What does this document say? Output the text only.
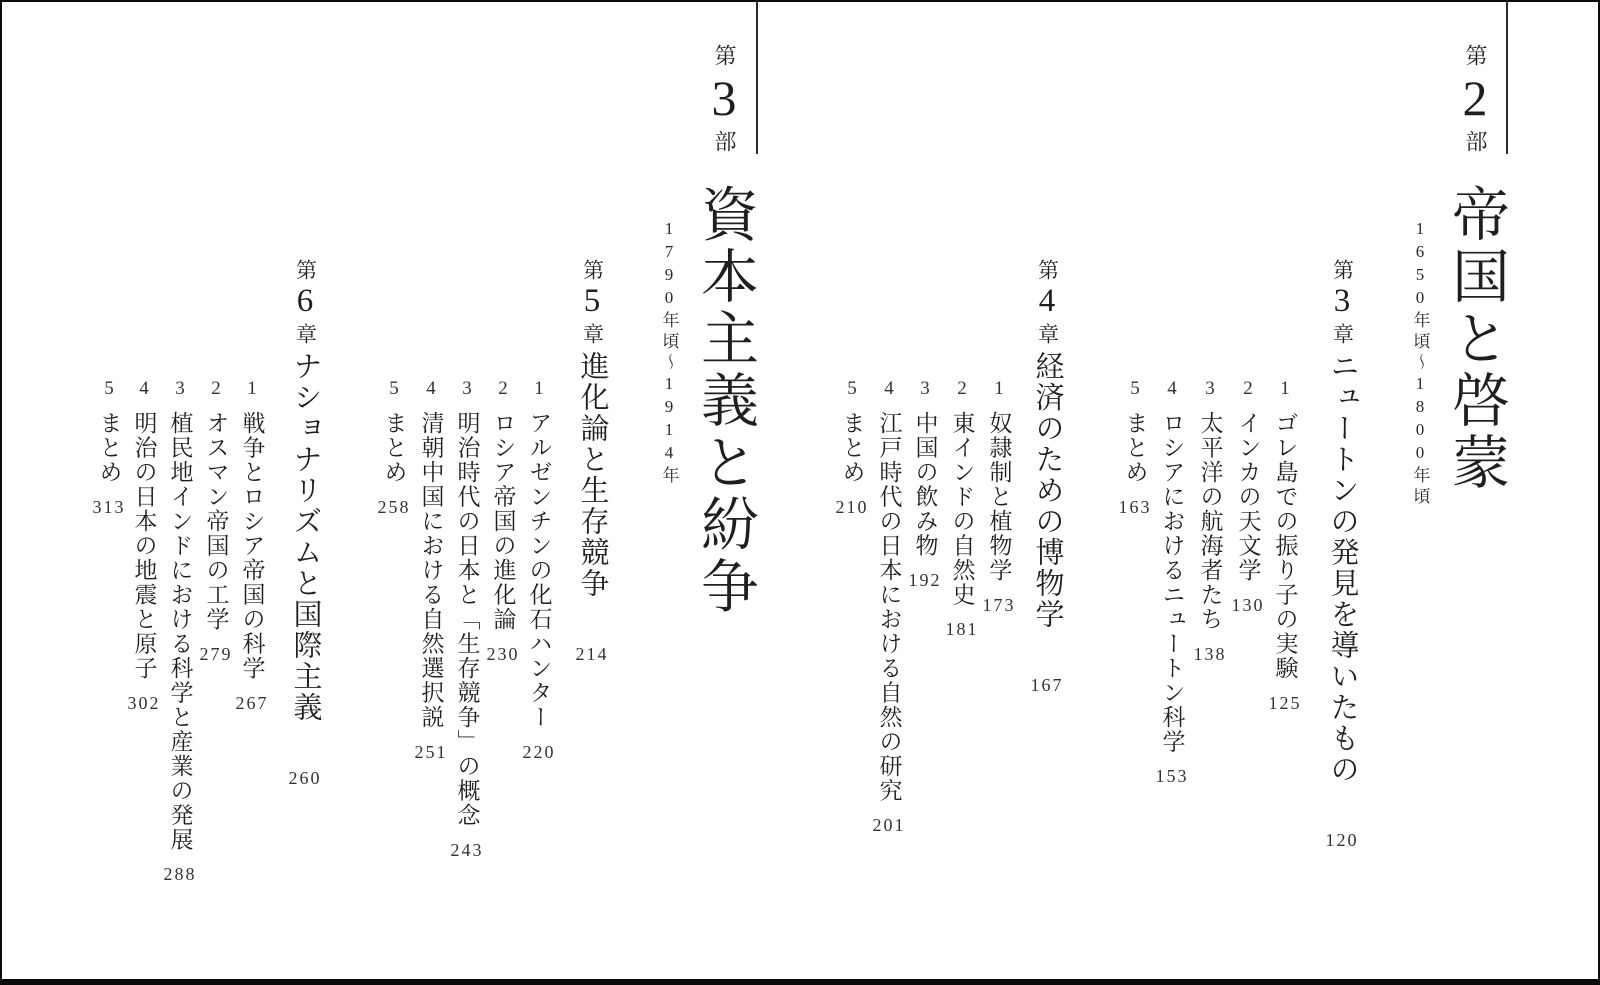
第
2
部
帝国と啓蒙
1650年頃〜1800年頃
第
3
章
ニュートンの発見を導いたもの
120
1
ゴレ島での振り子の実験
125
2
インカの天文学
130
3
太平洋の航海者たち
138
4
ロシアにおけるニュートン科学
153
5
まとめ
163
第
4
章
経済のための博物学
167
1
奴隷制と植物学
173
2
東インドの自然史
181
3
中国の飲み物
192
4
江戸時代の日本における自然の研究
201
5
まとめ
210
第
3
部
資本主義と紛争
1790年頃〜1914年
第
5
章
進化論と生存競争
214
1
アルゼンチンの化石ハンター
220
2
ロシア帝国の進化論
230
3
明治時代の日本と「生存競争」の概念
243
4
清朝中国における自然選択説
251
5
まとめ
258
第
6
章
ナショナリズムと国際主義
260
1
戦争とロシア帝国の科学
267
2
オスマン帝国の工学
279
3
植民地インドにおける科学と産業の発展
288
4
明治の日本の地震と原子
302
5
まとめ
313
